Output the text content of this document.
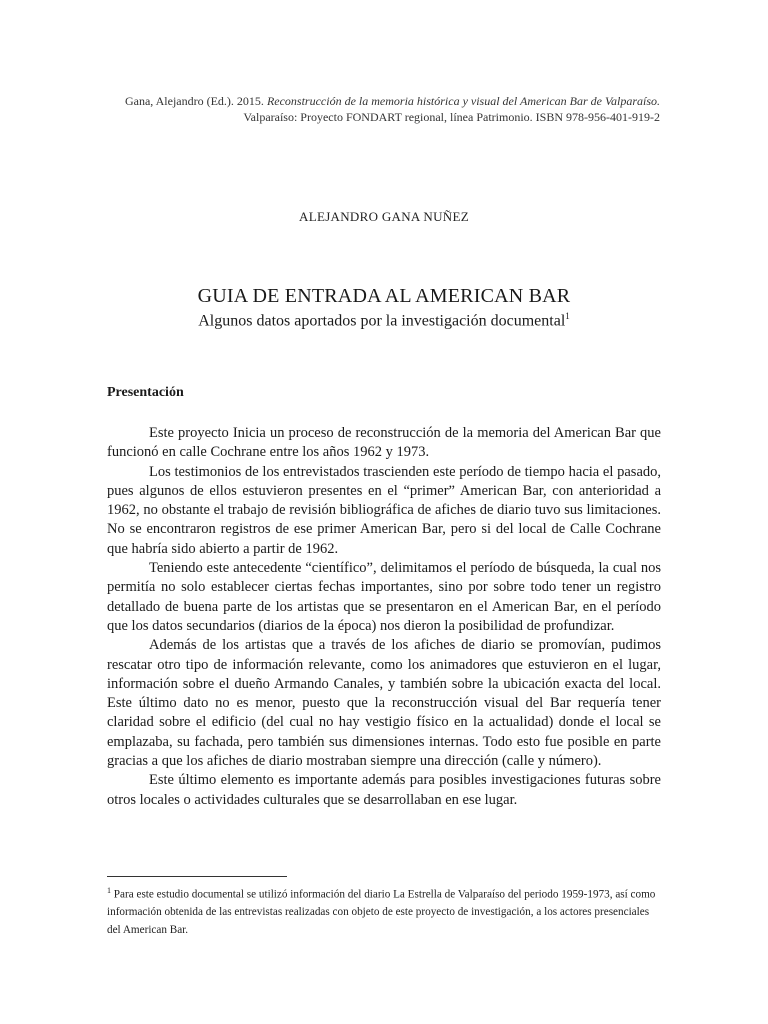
Gana, Alejandro (Ed.). 2015. Reconstrucción de la memoria histórica y visual del American Bar de Valparaíso.
Valparaíso: Proyecto FONDART regional, línea Patrimonio. ISBN 978-956-401-919-2
ALEJANDRO GANA NUÑEZ
GUIA DE ENTRADA AL AMERICAN BAR
Algunos datos aportados por la investigación documental$^1$
Presentación

Este proyecto Inicia un proceso de reconstrucción de la memoria del American Bar que funcionó en calle Cochrane entre los años 1962 y 1973.

Los testimonios de los entrevistados trascienden este período de tiempo hacia el pasado, pues algunos de ellos estuvieron presentes en el “primer” American Bar, con anterioridad a 1962, no obstante el trabajo de revisión bibliográfica de afiches de diario tuvo sus limitaciones. No se encontraron registros de ese primer American Bar, pero si del local de Calle Cochrane que habría sido abierto a partir de 1962.

Teniendo este antecedente “científico”, delimitamos el período de búsqueda, la cual nos permitía no solo establecer ciertas fechas importantes, sino por sobre todo tener un registro detallado de buena parte de los artistas que se presentaron en el American Bar, en el período que los datos secundarios (diarios de la época) nos dieron la posibilidad de profundizar.

Además de los artistas que a través de los afiches de diario se promovían, pudimos rescatar otro tipo de información relevante, como los animadores que estuvieron en el lugar, información sobre el dueño Armando Canales, y también sobre la ubicación exacta del local. Este último dato no es menor, puesto que la reconstrucción visual del Bar requería tener claridad sobre el edificio (del cual no hay vestigio físico en la actualidad) donde el local se emplazaba, su fachada, pero también sus dimensiones internas. Todo esto fue posible en parte gracias a que los afiches de diario mostraban siempre una dirección (calle y número).

Este último elemento es importante además para posibles investigaciones futuras sobre otros locales o actividades culturales que se desarrollaban en ese lugar.

$^1$ Para este estudio documental se utilizó información del diario La Estrella de Valparaíso del periodo 1959-1973, así como información obtenida de las entrevistas realizadas con objeto de este proyecto de investigación, a los actores presenciales del American Bar.
